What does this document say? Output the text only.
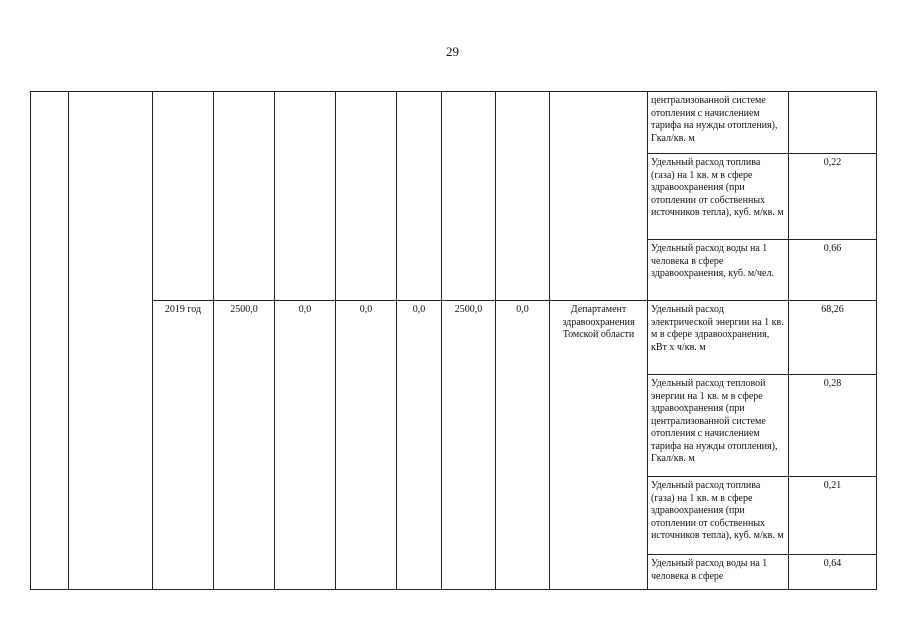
29
										централизованной системе отопления с начислением тарифа на нужды отопления), Гкал/кв. м	
										Удельный расход топлива (газа) на 1 кв. м в сфере здравоохранения (при отоплении от собственных источников тепла), куб. м/кв. м	0,22
										Удельный расход воды на 1 человека в сфере здравоохранения, куб. м/чел.	0,66
		2019 год	2500,0	0,0	0,0	0,0	2500,0	0,0	Департамент здравоохранения Томской области	Удельный расход электрической энергии на 1 кв. м в сфере здравоохранения, кВт x ч/кв. м	68,26
										Удельный расход тепловой энергии на 1 кв. м в сфере здравоохранения (при централизованной системе отопления с начислением тарифа на нужды отопления), Гкал/кв. м	0,28
										Удельный расход топлива (газа) на 1 кв. м в сфере здравоохранения (при отоплении от собственных источников тепла), куб. м/кв. м	0,21
										Удельный расход воды на 1 человека в сфере	0,64
